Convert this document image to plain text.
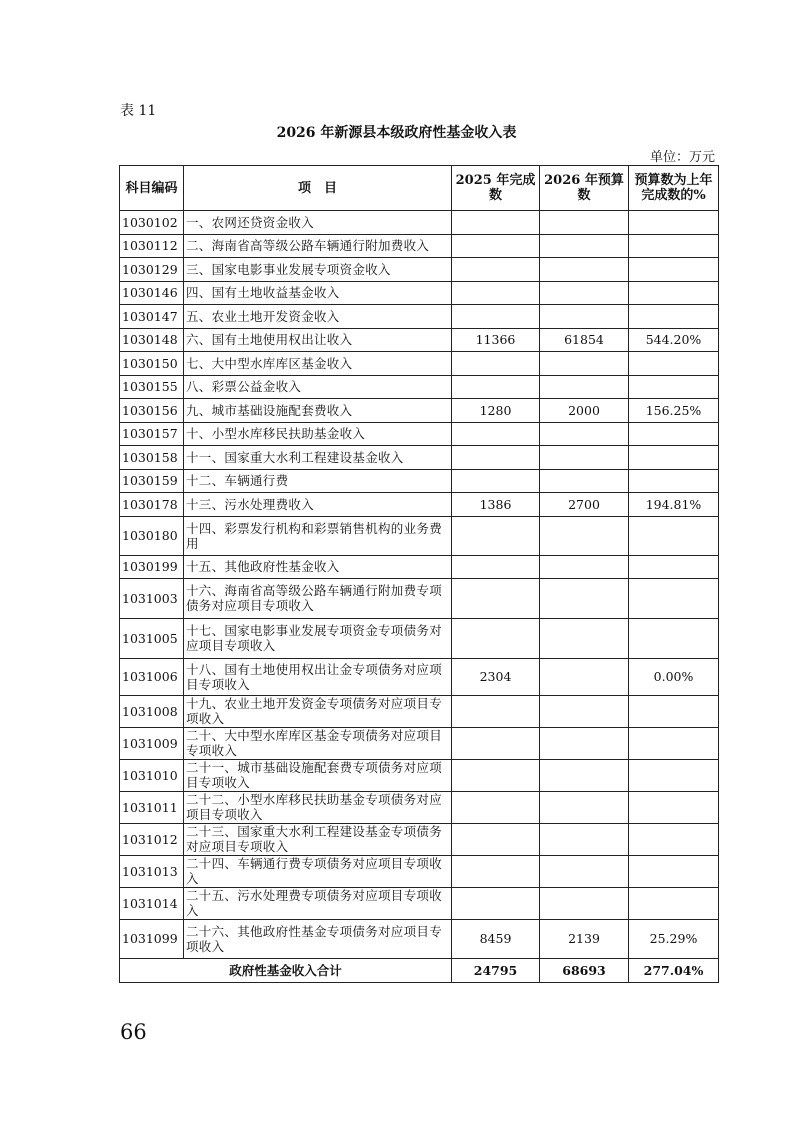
表 11
2026 年新源县本级政府性基金收入表
单位：万元
科目编码	项　目	2025 年完成数	2026 年预算数	预算数为上年完成数的%
1030102	一、农网还贷资金收入			
1030112	二、海南省高等级公路车辆通行附加费收入			
1030129	三、国家电影事业发展专项资金收入			
1030146	四、国有土地收益基金收入			
1030147	五、农业土地开发资金收入			
1030148	六、国有土地使用权出让收入	11366	61854	544.20%
1030150	七、大中型水库库区基金收入			
1030155	八、彩票公益金收入			
1030156	九、城市基础设施配套费收入	1280	2000	156.25%
1030157	十、小型水库移民扶助基金收入			
1030158	十一、国家重大水利工程建设基金收入			
1030159	十二、车辆通行费			
1030178	十三、污水处理费收入	1386	2700	194.81%
1030180	十四、彩票发行机构和彩票销售机构的业务费用			
1030199	十五、其他政府性基金收入			
1031003	十六、海南省高等级公路车辆通行附加费专项债务对应项目专项收入			
1031005	十七、国家电影事业发展专项资金专项债务对应项目专项收入			
1031006	十八、国有土地使用权出让金专项债务对应项目专项收入	2304		0.00%
1031008	十九、农业土地开发资金专项债务对应项目专项收入			
1031009	二十、大中型水库库区基金专项债务对应项目专项收入			
1031010	二十一、城市基础设施配套费专项债务对应项目专项收入			
1031011	二十二、小型水库移民扶助基金专项债务对应项目专项收入			
1031012	二十三、国家重大水利工程建设基金专项债务对应项目专项收入			
1031013	二十四、车辆通行费专项债务对应项目专项收入			
1031014	二十五、污水处理费专项债务对应项目专项收入			
1031099	二十六、其他政府性基金专项债务对应项目专项收入	8459	2139	25.29%
政府性基金收入合计		24795	68693	277.04%
66
